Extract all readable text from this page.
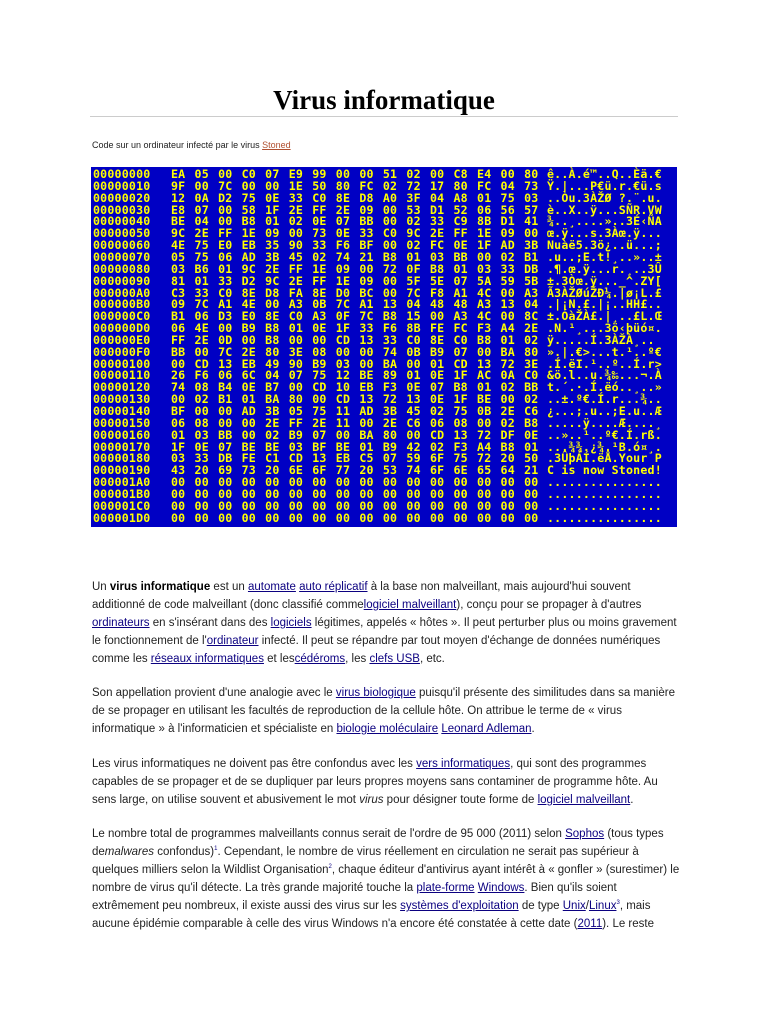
Virus informatique
Code sur un ordinateur infecté par le virus Stoned
00000000 EA 05 00 C0 07 E9 99 00 00 51 02 00 C8 E4 00 80 ê..À.é™..Q..Èä.€
00000010 9F 00 7C 00 00 1E 50 80 FC 02 72 17 80 FC 04 73 Ÿ.|...P€ü.r.€ü.s
00000020 12 0A D2 75 0E 33 C0 8E D8 A0 3F 04 A8 01 75 03 ..Òu.3ÀŽØ ?.¨.u.
00000030 E8 07 00 58 1F 2E FF 2E 09 00 53 D1 52 06 56 57 è..X..ÿ...SÑR.VW
00000040 BE 04 00 B8 01 02 0E 07 BB 00 02 33 C9 8B D1 41 ¾..¸....»..3É‹ÑA
00000050 9C 2E FF 1E 09 00 73 0E 33 C0 9C 2E FF 1E 09 00 œ.ÿ...s.3Àœ.ÿ...
00000060 4E 75 E0 EB 35 90 33 F6 BF 00 02 FC 0E 1F AD 3B Nuàë5.3ö¿..ü...;
00000070 05 75 06 AD 3B 45 02 74 21 B8 01 03 BB 00 02 B1 .u..;E.t!¸..»..±
00000080 03 B6 01 9C 2E FF 1E 09 00 72 0F B8 01 03 33 DB .¶.œ.ÿ...r.¸..3Û
00000090 81 01 33 D2 9C 2E FF 1E 09 00 5F 5E 07 5A 59 5B ±.3Òœ.ÿ..._^.ZY[
000000A0 C3 33 C0 8E D8 FA 8E D0 BC 00 7C F8 A1 4C 00 A3 Ã3ÀŽØúŽÐ¼.|ø¡L.£
000000B0 09 7C A1 4E 00 A3 0B 7C A1 13 04 48 48 A3 13 04 .|¡N.£.|¡..HH£..
000000C0 B1 06 D3 E0 8E C0 A3 0F 7C B8 15 00 A3 4C 00 8C ±.ÓàŽÀ£.|¸..£L.Œ
000000D0 06 4E 00 B9 B8 01 0E 1F 33 F6 8B FE FC F3 A4 2E .N.¹¸...3ö‹þüó¤.
000000E0 FF 2E 0D 00 B8 00 00 CD 13 33 C0 8E C0 B8 01 02 ÿ.....Í.3ÀŽÀ¸..
000000F0 BB 00 7C 2E 80 3E 08 00 00 74 0B B9 07 00 BA 80 ».|.€>...t.¹..º€
00000100 00 CD 13 EB 49 90 B9 03 00 BA 00 01 CD 13 72 3E .Í.ëI.¹..º..Í.r>
00000110 26 F6 06 6C 04 07 75 12 BE 89 01 0E 1F AC 0A C0 &ö.l..u.¾‰...¬.À
00000120 74 08 B4 0E B7 00 CD 10 EB F3 0E 07 B8 01 02 BB t.´.·.Í.ëó..¸..»
00000130 00 02 B1 01 BA 80 00 CD 13 72 13 0E 1F BE 00 02 ..±.º€.Í.r...¾..
00000140 BF 00 00 AD 3B 05 75 11 AD 3B 45 02 75 0B 2E C6 ¿...;.u..;E.u..Æ
00000150 06 08 00 00 2E FF 2E 11 00 2E C6 06 08 00 02 B8 .....ÿ....Æ....¸
00000160 01 03 BB 00 02 B9 07 00 BA 80 00 CD 13 72 DF 0E ..»..¹..º€.Í.rß.
00000170 1F 0E 07 BE BE 03 BF BE 01 B9 42 02 F3 A4 B8 01 ...¾¾.¿¾.¹B.ó¤¸.
00000180 03 33 DB FE C1 CD 13 EB C5 07 59 6F 75 72 20 50 .3ÛþÁÍ.ëÅ.Your P
00000190 43 20 69 73 20 6E 6F 77 20 53 74 6F 6E 65 64 21 C is now Stoned!
000001A0 00 00 00 00 00 00 00 00 00 00 00 00 00 00 00 00 ................
000001B0 00 00 00 00 00 00 00 00 00 00 00 00 00 00 00 00 ................
000001C0 00 00 00 00 00 00 00 00 00 00 00 00 00 00 00 00 ................
000001D0 00 00 00 00 00 00 00 00 00 00 00 00 00 00 00 00 ................

Un virus informatique est un automate auto réplicatif à la base non malveillant, mais aujourd'hui souvent additionné de code malveillant (donc classifié commelogiciel malveillant), conçu pour se propager à d'autres ordinateurs en s'insérant dans des logiciels légitimes, appelés « hôtes ». Il peut perturber plus ou moins gravement le fonctionnement de l'ordinateur infecté. Il peut se répandre par tout moyen d'échange de données numériques comme les réseaux informatiques et lescédéroms, les clefs USB, etc.

Son appellation provient d'une analogie avec le virus biologique puisqu'il présente des similitudes dans sa manière de se propager en utilisant les facultés de reproduction de la cellule hôte. On attribue le terme de « virus informatique » à l'informaticien et spécialiste en biologie moléculaire Leonard Adleman.

Les virus informatiques ne doivent pas être confondus avec les vers informatiques, qui sont des programmes capables de se propager et de se dupliquer par leurs propres moyens sans contaminer de programme hôte. Au sens large, on utilise souvent et abusivement le mot virus pour désigner toute forme de logiciel malveillant.

Le nombre total de programmes malveillants connus serait de l'ordre de 95 000 (2011) selon Sophos (tous types demalwares confondus)$^1$. Cependant, le nombre de virus réellement en circulation ne serait pas supérieur à quelques milliers selon la Wildlist Organisation$^2$, chaque éditeur d'antivirus ayant intérêt à « gonfler » (surestimer) le nombre de virus qu'il détecte. La très grande majorité touche la plate-forme Windows. Bien qu'ils soient extrêmement peu nombreux, il existe aussi des virus sur les systèmes d'exploitation de type Unix/Linux$^3$, mais aucune épidémie comparable à celle des virus Windows n'a encore été constatée à cette date (2011). Le reste
